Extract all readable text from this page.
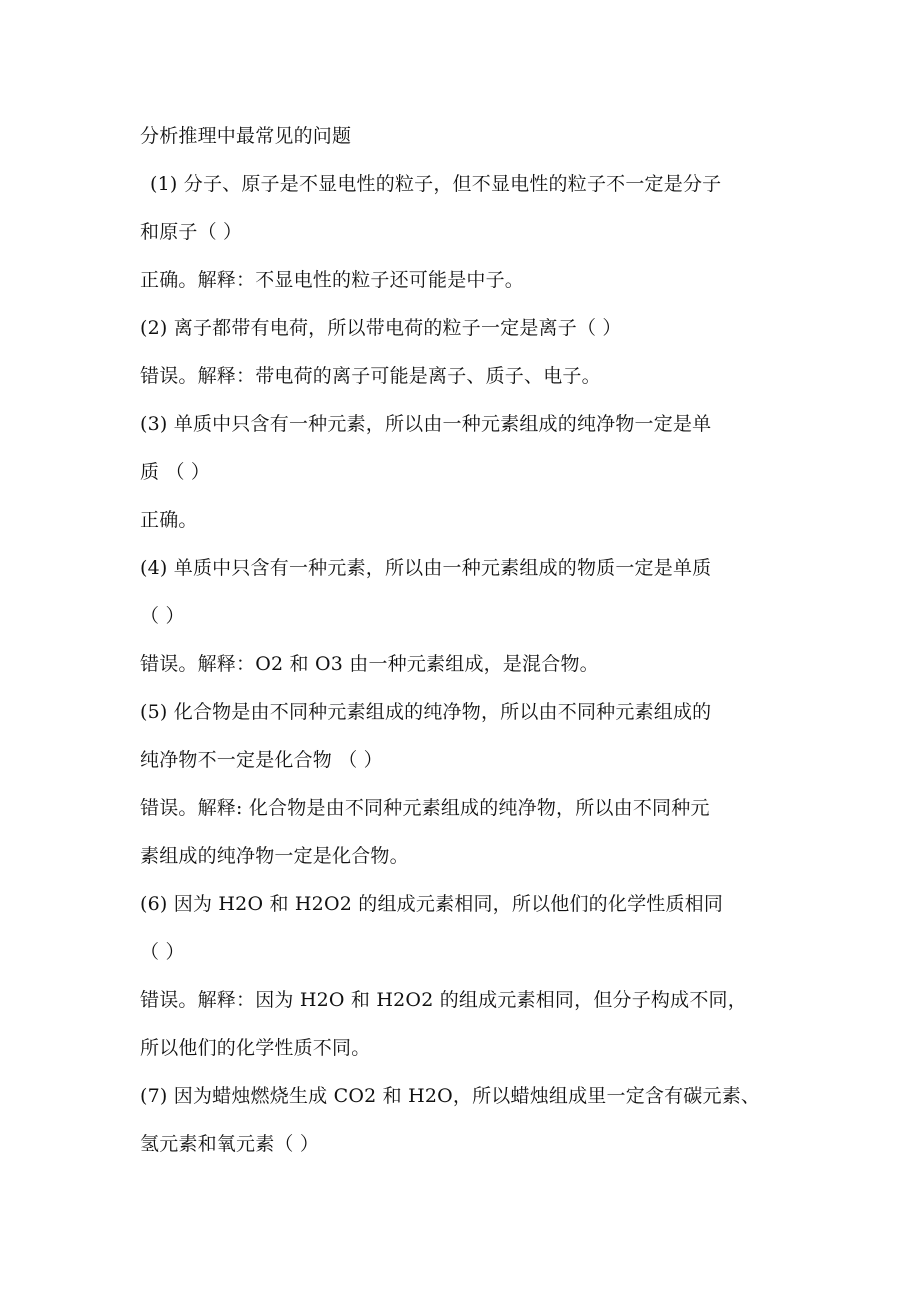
分析推理中最常见的问题
(1) 分子、原子是不显电性的粒子，但不显电性的粒子不一定是分子
和原子（ ）
正确。解释：不显电性的粒子还可能是中子。
(2) 离子都带有电荷，所以带电荷的粒子一定是离子（ ）
错误。解释：带电荷的离子可能是离子、质子、电子。
(3) 单质中只含有一种元素，所以由一种元素组成的纯净物一定是单
质 （ ）
正确。
(4) 单质中只含有一种元素，所以由一种元素组成的物质一定是单质
（ ）
错误。解释：O2 和 O3 由一种元素组成，是混合物。
(5) 化合物是由不同种元素组成的纯净物，所以由不同种元素组成的
纯净物不一定是化合物 （ ）
错误。解释: 化合物是由不同种元素组成的纯净物，所以由不同种元
素组成的纯净物一定是化合物。
(6) 因为 H2O 和 H2O2 的组成元素相同，所以他们的化学性质相同
（ ）
错误。解释：因为 H2O 和 H2O2 的组成元素相同，但分子构成不同，
所以他们的化学性质不同。
(7) 因为蜡烛燃烧生成 CO2 和 H2O，所以蜡烛组成里一定含有碳元素、
氢元素和氧元素（ ）
